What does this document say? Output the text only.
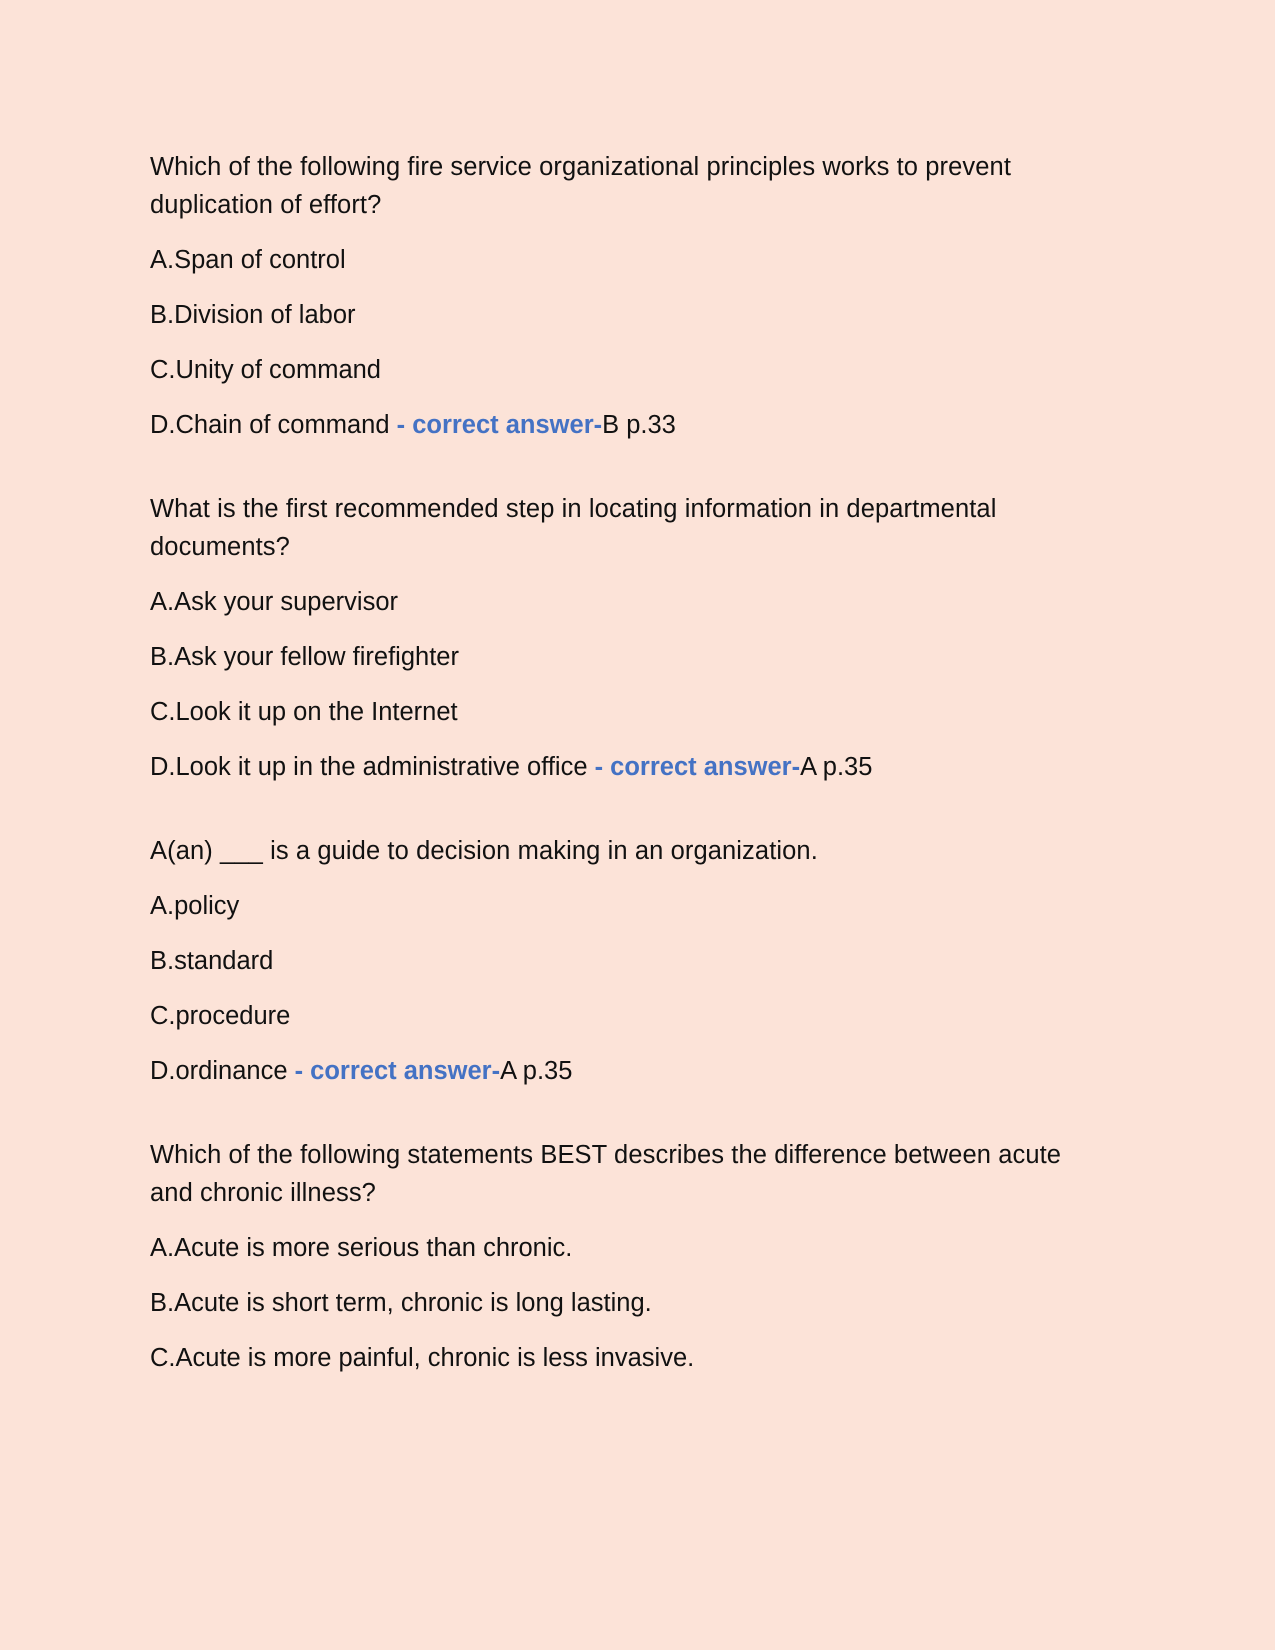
Which of the following fire service organizational principles works to prevent duplication of effort?
A.Span of control
B.Division of labor
C.Unity of command
D.Chain of command - correct answer-B p.33
What is the first recommended step in locating information in departmental documents?
A.Ask your supervisor
B.Ask your fellow firefighter
C.Look it up on the Internet
D.Look it up in the administrative office - correct answer-A p.35
A(an) ___ is a guide to decision making in an organization.
A.policy
B.standard
C.procedure
D.ordinance - correct answer-A p.35
Which of the following statements BEST describes the difference between acute and chronic illness?
A.Acute is more serious than chronic.
B.Acute is short term, chronic is long lasting.
C.Acute is more painful, chronic is less invasive.
